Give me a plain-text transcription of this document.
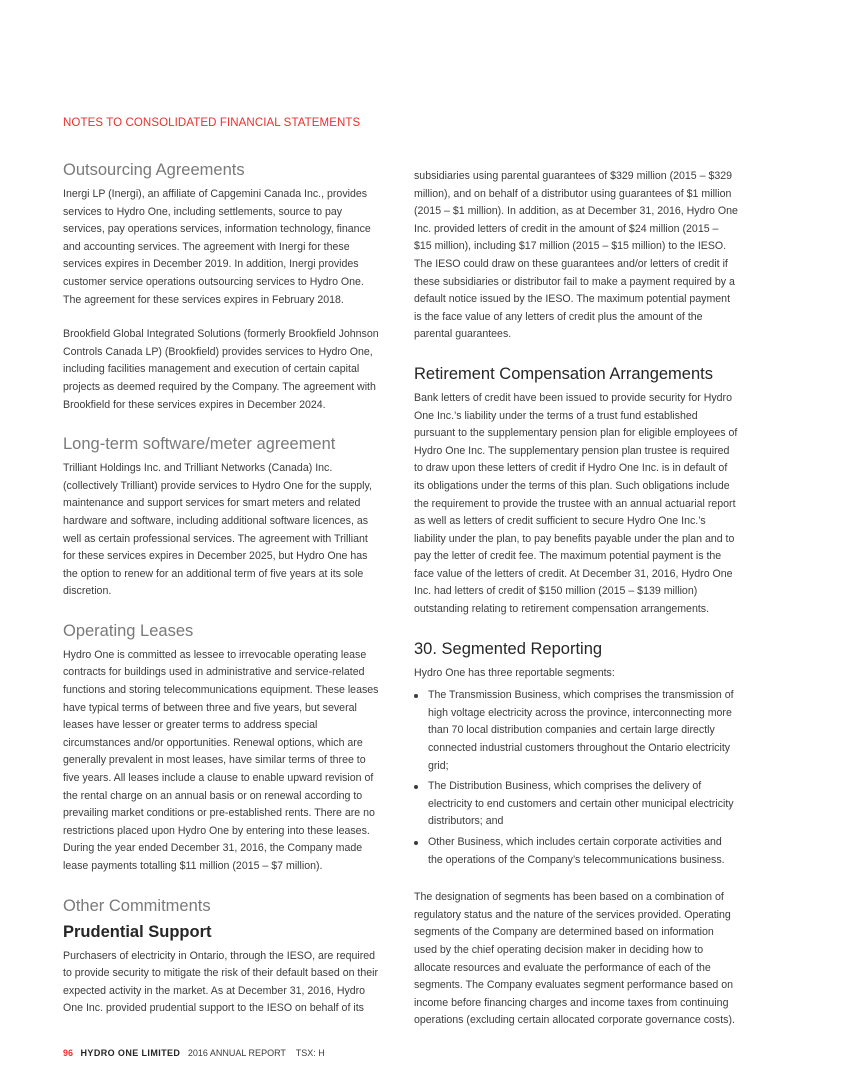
NOTES TO CONSOLIDATED FINANCIAL STATEMENTS
Outsourcing Agreements

Inergi LP (Inergi), an affiliate of Capgemini Canada Inc., provides services to Hydro One, including settlements, source to pay services, pay operations services, information technology, finance and accounting services. The agreement with Inergi for these services expires in December 2019. In addition, Inergi provides customer service operations outsourcing services to Hydro One. The agreement for these services expires in February 2018.

Brookfield Global Integrated Solutions (formerly Brookfield Johnson Controls Canada LP) (Brookfield) provides services to Hydro One, including facilities management and execution of certain capital projects as deemed required by the Company. The agreement with Brookfield for these services expires in December 2024.

Long-term software/meter agreement

Trilliant Holdings Inc. and Trilliant Networks (Canada) Inc. (collectively Trilliant) provide services to Hydro One for the supply, maintenance and support services for smart meters and related hardware and software, including additional software licences, as well as certain professional services. The agreement with Trilliant for these services expires in December 2025, but Hydro One has the option to renew for an additional term of five years at its sole discretion.

Operating Leases

Hydro One is committed as lessee to irrevocable operating lease contracts for buildings used in administrative and service-related functions and storing telecommunications equipment. These leases have typical terms of between three and five years, but several leases have lesser or greater terms to address special circumstances and/or opportunities. Renewal options, which are generally prevalent in most leases, have similar terms of three to five years. All leases include a clause to enable upward revision of the rental charge on an annual basis or on renewal according to prevailing market conditions or pre-established rents. There are no restrictions placed upon Hydro One by entering into these leases. During the year ended December 31, 2016, the Company made lease payments totalling $11 million (2015 – $7 million).

Other Commitments
Prudential Support

Purchasers of electricity in Ontario, through the IESO, are required to provide security to mitigate the risk of their default based on their expected activity in the market. As at December 31, 2016, Hydro One Inc. provided prudential support to the IESO on behalf of its

subsidiaries using parental guarantees of $329 million (2015 – $329 million), and on behalf of a distributor using guarantees of $1 million (2015 – $1 million). In addition, as at December 31, 2016, Hydro One Inc. provided letters of credit in the amount of $24 million (2015 – $15 million), including $17 million (2015 – $15 million) to the IESO. The IESO could draw on these guarantees and/or letters of credit if these subsidiaries or distributor fail to make a payment required by a default notice issued by the IESO. The maximum potential payment is the face value of any letters of credit plus the amount of the parental guarantees.

Retirement Compensation Arrangements

Bank letters of credit have been issued to provide security for Hydro One Inc.’s liability under the terms of a trust fund established pursuant to the supplementary pension plan for eligible employees of Hydro One Inc. The supplementary pension plan trustee is required to draw upon these letters of credit if Hydro One Inc. is in default of its obligations under the terms of this plan. Such obligations include the requirement to provide the trustee with an annual actuarial report as well as letters of credit sufficient to secure Hydro One Inc.’s liability under the plan, to pay benefits payable under the plan and to pay the letter of credit fee. The maximum potential payment is the face value of the letters of credit. At December 31, 2016, Hydro One Inc. had letters of credit of $150 million (2015 – $139 million) outstanding relating to retirement compensation arrangements.

30. Segmented Reporting

Hydro One has three reportable segments:

The Transmission Business, which comprises the transmission of high voltage electricity across the province, interconnecting more than 70 local distribution companies and certain large directly connected industrial customers throughout the Ontario electricity grid;
The Distribution Business, which comprises the delivery of electricity to end customers and certain other municipal electricity distributors; and
Other Business, which includes certain corporate activities and the operations of the Company’s telecommunications business.

The designation of segments has been based on a combination of regulatory status and the nature of the services provided. Operating segments of the Company are determined based on information used by the chief operating decision maker in deciding how to allocate resources and evaluate the performance of each of the segments. The Company evaluates segment performance based on income before financing charges and income taxes from continuing operations (excluding certain allocated corporate governance costs).

96 HYDRO ONE LIMITED 2016 ANNUAL REPORT TSX: H
